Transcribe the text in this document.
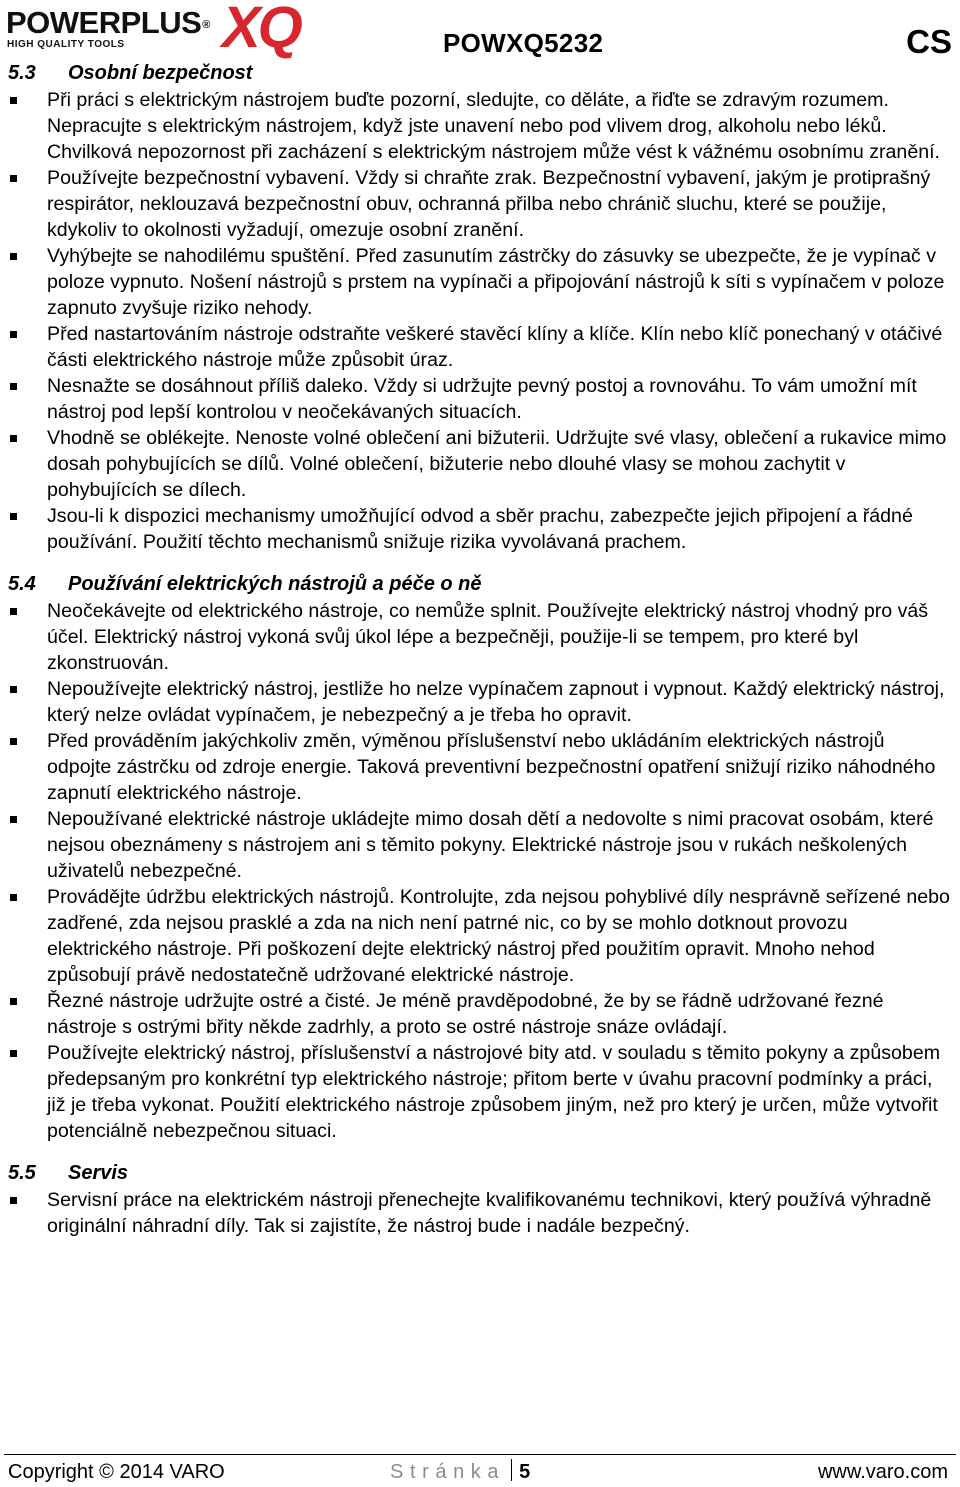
POWERPLUS®
HIGH QUALITY TOOLS XQ	POWXQ5232	CS
5.3 Osobní bezpečnost
Při práci s elektrickým nástrojem buďte pozorní, sledujte, co děláte, a řiďte se zdravým rozumem. Nepracujte s elektrickým nástrojem, když jste unavení nebo pod vlivem drog, alkoholu nebo léků. Chvilková nepozornost při zacházení s elektrickým nástrojem může vést k vážnému osobnímu zranění.
Používejte bezpečnostní vybavení. Vždy si chraňte zrak. Bezpečnostní vybavení, jakým je protiprašný respirátor, neklouzavá bezpečnostní obuv, ochranná přilba nebo chránič sluchu, které se použije, kdykoliv to okolnosti vyžadují, omezuje osobní zranění.
Vyhýbejte se nahodilému spuštění. Před zasunutím zástrčky do zásuvky se ubezpečte, že je vypínač v poloze vypnuto. Nošení nástrojů s prstem na vypínači a připojování nástrojů k síti s vypínačem v poloze zapnuto zvyšuje riziko nehody.
Před nastartováním nástroje odstraňte veškeré stavěcí klíny a klíče. Klín nebo klíč ponechaný v otáčivé části elektrického nástroje může způsobit úraz.
Nesnažte se dosáhnout příliš daleko. Vždy si udržujte pevný postoj a rovnováhu. To vám umožní mít nástroj pod lepší kontrolou v neočekávaných situacích.
Vhodně se oblékejte. Nenoste volné oblečení ani bižuterii. Udržujte své vlasy, oblečení a rukavice mimo dosah pohybujících se dílů. Volné oblečení, bižuterie nebo dlouhé vlasy se mohou zachytit v pohybujících se dílech.
Jsou-li k dispozici mechanismy umožňující odvod a sběr prachu, zabezpečte jejich připojení a řádné používání. Použití těchto mechanismů snižuje rizika vyvolávaná prachem.
5.4 Používání elektrických nástrojů a péče o ně
Neočekávejte od elektrického nástroje, co nemůže splnit. Používejte elektrický nástroj vhodný pro váš účel. Elektrický nástroj vykoná svůj úkol lépe a bezpečněji, použije-li se tempem, pro které byl zkonstruován.
Nepoužívejte elektrický nástroj, jestliže ho nelze vypínačem zapnout i vypnout. Každý elektrický nástroj, který nelze ovládat vypínačem, je nebezpečný a je třeba ho opravit.
Před prováděním jakýchkoliv změn, výměnou příslušenství nebo ukládáním elektrických nástrojů odpojte zástrčku od zdroje energie. Taková preventivní bezpečnostní opatření snižují riziko náhodného zapnutí elektrického nástroje.
Nepoužívané elektrické nástroje ukládejte mimo dosah dětí a nedovolte s nimi pracovat osobám, které nejsou obeznámeny s nástrojem ani s těmito pokyny. Elektrické nástroje jsou v rukách neškolených uživatelů nebezpečné.
Provádějte údržbu elektrických nástrojů. Kontrolujte, zda nejsou pohyblivé díly nesprávně seřízené nebo zadřené, zda nejsou prasklé a zda na nich není patrné nic, co by se mohlo dotknout provozu elektrického nástroje. Při poškození dejte elektrický nástroj před použitím opravit. Mnoho nehod způsobují právě nedostatečně udržované elektrické nástroje.
Řezné nástroje udržujte ostré a čisté. Je méně pravděpodobné, že by se řádně udržované řezné nástroje s ostrými břity někde zadrhly, a proto se ostré nástroje snáze ovládají.
Používejte elektrický nástroj, příslušenství a nástrojové bity atd. v souladu s těmito pokyny a způsobem předepsaným pro konkrétní typ elektrického nástroje; přitom berte v úvahu pracovní podmínky a práci, již je třeba vykonat. Použití elektrického nástroje způsobem jiným, než pro který je určen, může vytvořit potenciálně nebezpečnou situaci.
5.5 Servis
Servisní práce na elektrickém nástroji přenechejte kvalifikovanému technikovi, který používá výhradně originální náhradní díly. Tak si zajistíte, že nástroj bude i nadále bezpečný.
Copyright © 2014 VARO	Stránka 5	www.varo.com
